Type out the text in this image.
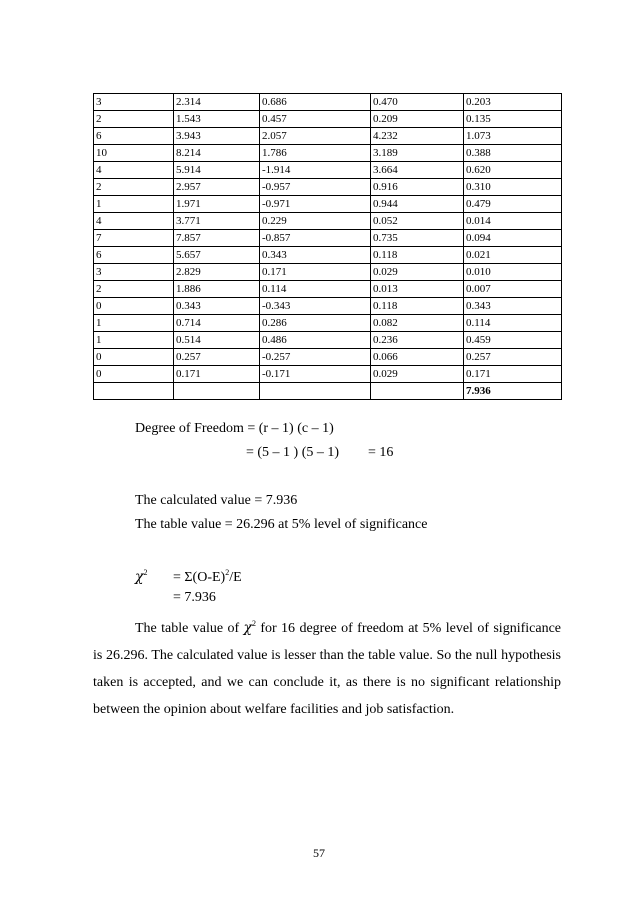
3	2.314	0.686	0.470	0.203
2	1.543	0.457	0.209	0.135
6	3.943	2.057	4.232	1.073
10	8.214	1.786	3.189	0.388
4	5.914	-1.914	3.664	0.620
2	2.957	-0.957	0.916	0.310
1	1.971	-0.971	0.944	0.479
4	3.771	0.229	0.052	0.014
7	7.857	-0.857	0.735	0.094
6	5.657	0.343	0.118	0.021
3	2.829	0.171	0.029	0.010
2	1.886	0.114	0.013	0.007
0	0.343	-0.343	0.118	0.343
1	0.714	0.286	0.082	0.114
1	0.514	0.486	0.236	0.459
0	0.257	-0.257	0.066	0.257
0	0.171	-0.171	0.029	0.171
				7.936
Degree of Freedom = (r – 1) (c – 1)
= (5 – 1 ) (5 – 1) = 16
The calculated value = 7.936
The table value = 26.296 at 5% level of significance
$\chi^2 = \Sigma(O-E)^2/E$
= 7.936

The table value of $\chi^2$ for 16 degree of freedom at 5% level of significance is 26.296. The calculated value is lesser than the table value. So the null hypothesis taken is accepted, and we can conclude it, as there is no significant relationship between the opinion about welfare facilities and job satisfaction.

57
